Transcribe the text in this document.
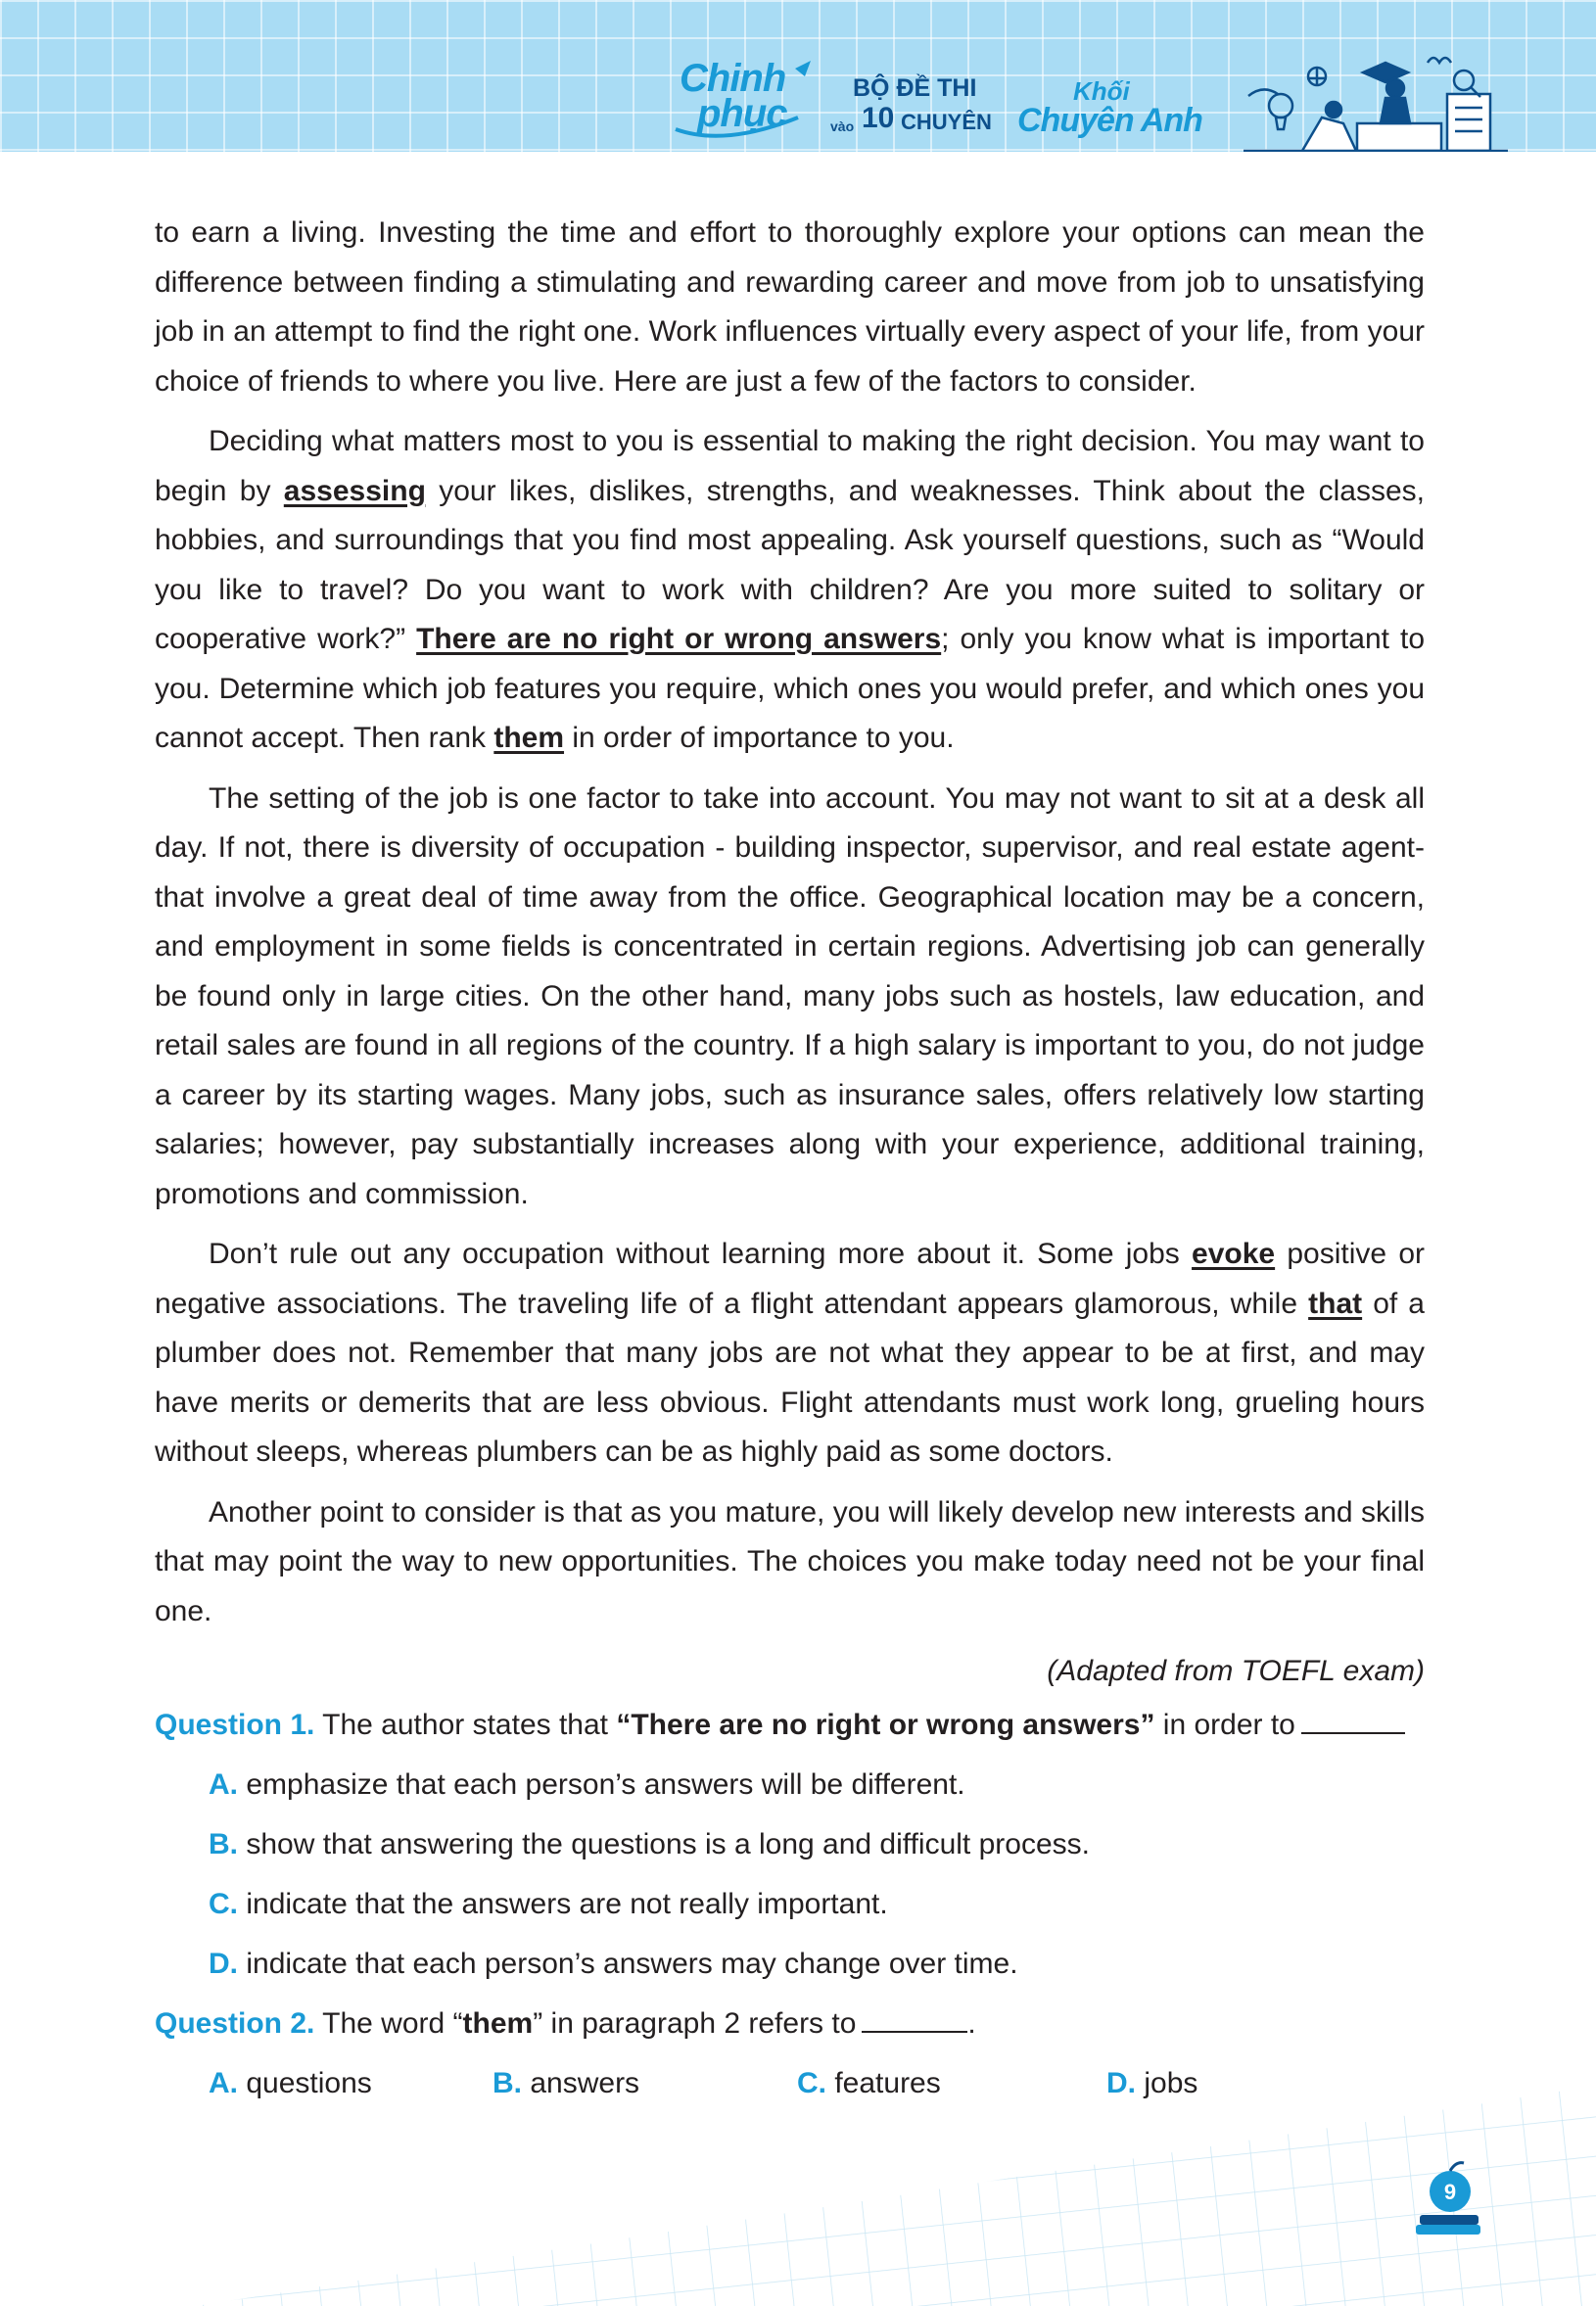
Chinh
phục
BỘ ĐỀ THI
vào 10 CHUYÊN
Khối
Chuyên Anh
9

to earn a living. Investing the time and effort to thoroughly explore your options can mean the difference between finding a stimulating and rewarding career and move from job to unsatisfying job in an attempt to find the right one. Work influences virtually every aspect of your life, from your choice of friends to where you live. Here are just a few of the factors to consider.

Deciding what matters most to you is essential to making the right decision. You may want to begin by assessing your likes, dislikes, strengths, and weaknesses. Think about the classes, hobbies, and surroundings that you find most appealing. Ask yourself questions, such as “Would you like to travel? Do you want to work with children? Are you more suited to solitary or cooperative work?” There are no right or wrong answers; only you know what is important to you. Determine which job features you require, which ones you would prefer, and which ones you cannot accept. Then rank them in order of importance to you.

The setting of the job is one factor to take into account. You may not want to sit at a desk all day. If not, there is diversity of occupation - building inspector, supervisor, and real estate agent- that involve a great deal of time away from the office. Geographical location may be a concern, and employment in some fields is concentrated in certain regions. Advertising job can generally be found only in large cities. On the other hand, many jobs such as hostels, law education, and retail sales are found in all regions of the country. If a high salary is important to you, do not judge a career by its starting wages. Many jobs, such as insurance sales, offers relatively low starting salaries; however, pay substantially increases along with your experience, additional training, promotions and commission.

Don’t rule out any occupation without learning more about it. Some jobs evoke positive or negative associations. The traveling life of a flight attendant appears glamorous, while that of a plumber does not. Remember that many jobs are not what they appear to be at first, and may have merits or demerits that are less obvious. Flight attendants must work long, grueling hours without sleeps, whereas plumbers can be as highly paid as some doctors.

Another point to consider is that as you mature, you will likely develop new interests and skills that may point the way to new opportunities. The choices you make today need not be your final one.

(Adapted from TOEFL exam)
Question 1. The author states that “There are no right or wrong answers” in order to
A. emphasize that each person’s answers will be different.
B. show that answering the questions is a long and difficult process.
C. indicate that the answers are not really important.
D. indicate that each person’s answers may change over time.
Question 2. The word “them” in paragraph 2 refers to	.
A. questions	B. answers	C. features	D. jobs
